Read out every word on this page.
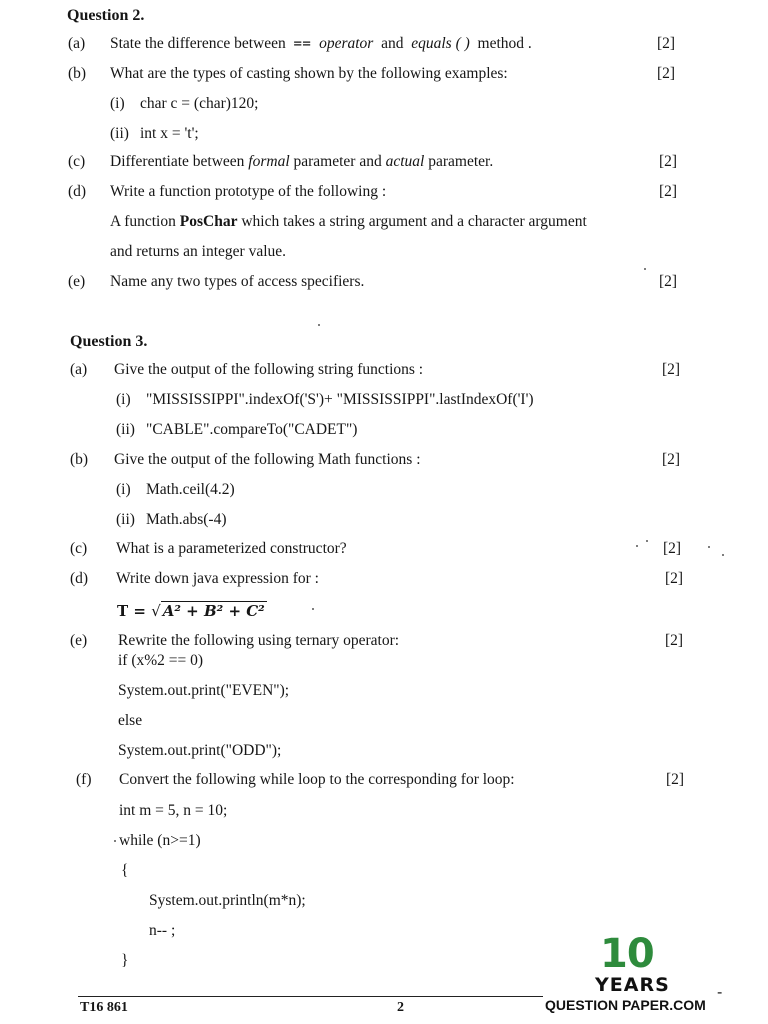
Question 2.
(a) State the difference between == operator and equals ( ) method .	[2]
(b) What are the types of casting shown by the following examples:	[2]
(i) char c = (char)120;
(ii) int x = 't';
(c) Differentiate between formal parameter and actual parameter.	[2]
(d) Write a function prototype of the following :	[2]
A function PosChar which takes a string argument and a character argument
and returns an integer value.
(e) Name any two types of access specifiers.	[2]
Question 3.
(a) Give the output of the following string functions :	[2]
(i) "MISSISSIPPI".indexOf('S')+ "MISSISSIPPI".lastIndexOf('I')
(ii) "CABLE".compareTo("CADET")
(b) Give the output of the following Math functions :	[2]
(i) Math.ceil(4.2)
(ii) Math.abs(-4)
(c) What is a parameterized constructor?	[2]
(d) Write down java expression for :	[2]
T = √ A² + B² + C²
(e) Rewrite the following using ternary operator:	[2]
if (x%2 == 0)
System.out.print("EVEN");
else
System.out.print("ODD");
(f) Convert the following while loop to the corresponding for loop:	[2]
int m = 5, n = 10;
while (n>=1)
{
System.out.println(m*n);
n-- ;
}
T16 861	2
10
YEARS	-
QUESTION PAPER.COM
